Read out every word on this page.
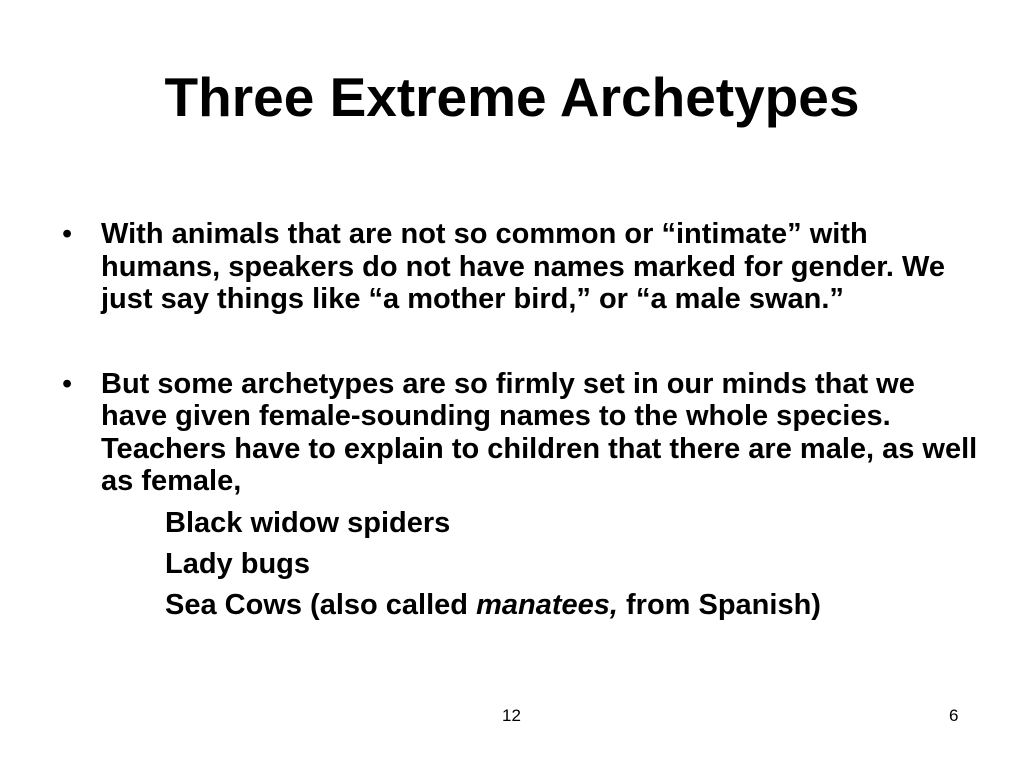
Three Extreme Archetypes
• With animals that are not so common or “intimate” with humans, speakers do not have names marked for gender. We just say things like “a mother bird,” or “a male swan.”
• But some archetypes are so firmly set in our minds that we have given female-sounding names to the whole species. Teachers have to explain to children that there are male, as well as female,
Black widow spiders
Lady bugs
Sea Cows (also called manatees, from Spanish)
12	6
